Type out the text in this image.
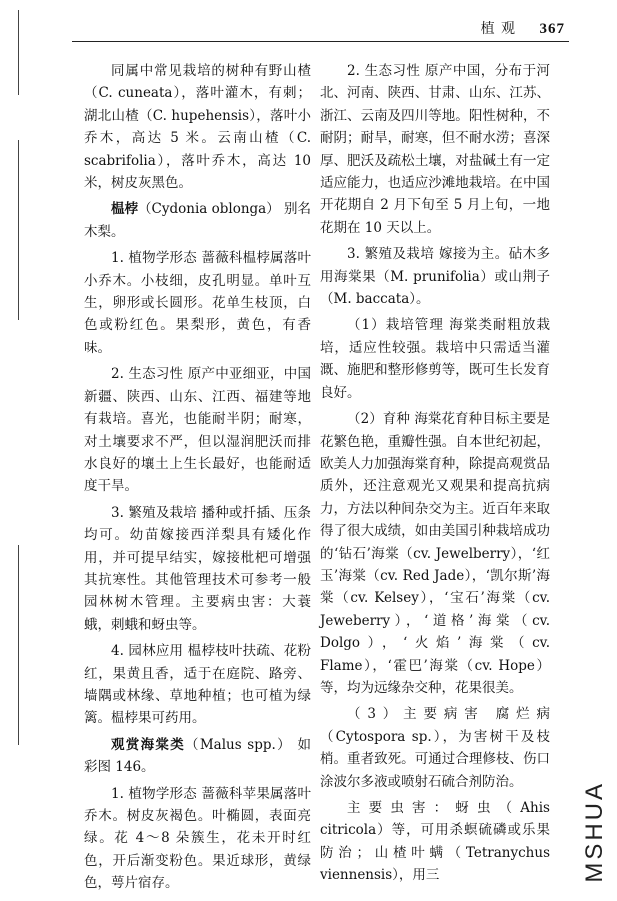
植 观 367

同属中常见栽培的树种有野山楂（C. cuneata），落叶灌木，有刺；湖北山楂（C. hupehensis），落叶小乔木，高达 5 米。云南山楂（C. scabrifolia），落叶乔木，高达 10 米，树皮灰黑色。

榅桲（Cydonia oblonga） 别名木梨。

1. 植物学形态 蔷薇科榅桲属落叶小乔木。小枝细，皮孔明显。单叶互生，卵形或长圆形。花单生枝顶，白色或粉红色。果梨形，黄色，有香味。

2. 生态习性 原产中亚细亚，中国新疆、陕西、山东、江西、福建等地有栽培。喜光，也能耐半阴；耐寒，对土壤要求不严，但以湿润肥沃而排水良好的壤土上生长最好，也能耐适度干旱。

3. 繁殖及栽培 播种或扦插、压条均可。幼苗嫁接西洋梨具有矮化作用，并可提早结实，嫁接枇杷可增强其抗寒性。其他管理技术可参考一般园林树木管理。主要病虫害：大蓑蛾，刺蛾和蚜虫等。

4. 园林应用 榅桲枝叶扶疏、花粉红，果黄且香，适于在庭院、路旁、墙隅或林缘、草地种植；也可植为绿篱。榅桲果可药用。

观赏海棠类（Malus spp.） 如彩图 146。

1. 植物学形态 蔷薇科苹果属落叶乔木。树皮灰褐色。叶椭圆，表面亮绿。花 4～8 朵簇生，花未开时红色，开后渐变粉色。果近球形，黄绿色，萼片宿存。

2. 生态习性 原产中国，分布于河北、河南、陕西、甘肃、山东、江苏、浙江、云南及四川等地。阳性树种，不耐阴；耐旱，耐寒，但不耐水涝；喜深厚、肥沃及疏松土壤，对盐碱土有一定适应能力，也适应沙滩地栽培。在中国开花期自 2 月下旬至 5 月上旬，一地花期在 10 天以上。

3. 繁殖及栽培 嫁接为主。砧木多用海棠果（M. prunifolia）或山荆子（M. baccata）。

（1）栽培管理 海棠类耐粗放栽培，适应性较强。栽培中只需适当灌溉、施肥和整形修剪等，既可生长发育良好。

（2）育种 海棠花育种目标主要是花繁色艳，重瓣性强。自本世纪初起，欧美人力加强海棠育种，除提高观赏品质外，还注意观光又观果和提高抗病力，方法以种间杂交为主。近百年来取得了很大成绩，如由美国引种栽培成功的‘钻石’海棠（cv. Jewelberry），‘红玉’海棠（cv. Red Jade），‘凯尔斯’海棠（cv. Kelsey），‘宝石’海棠（cv. Jeweberry），‘道格’海棠（cv. Dolgo），‘火焰’海棠（cv. Flame），‘霍巴’海棠（cv. Hope）等，均为远缘杂交种，花果很美。

（3）主要病害 腐烂病（Cytospora sp.），为害树干及枝梢。重者致死。可通过合理修枝、伤口涂波尔多液或喷射石硫合剂防治。

主要虫害：蚜虫（Ahis citricola）等，可用杀螟硫磷或乐果防治；山楂叶螨（Tetranychus viennensis），用三	MSHUA
